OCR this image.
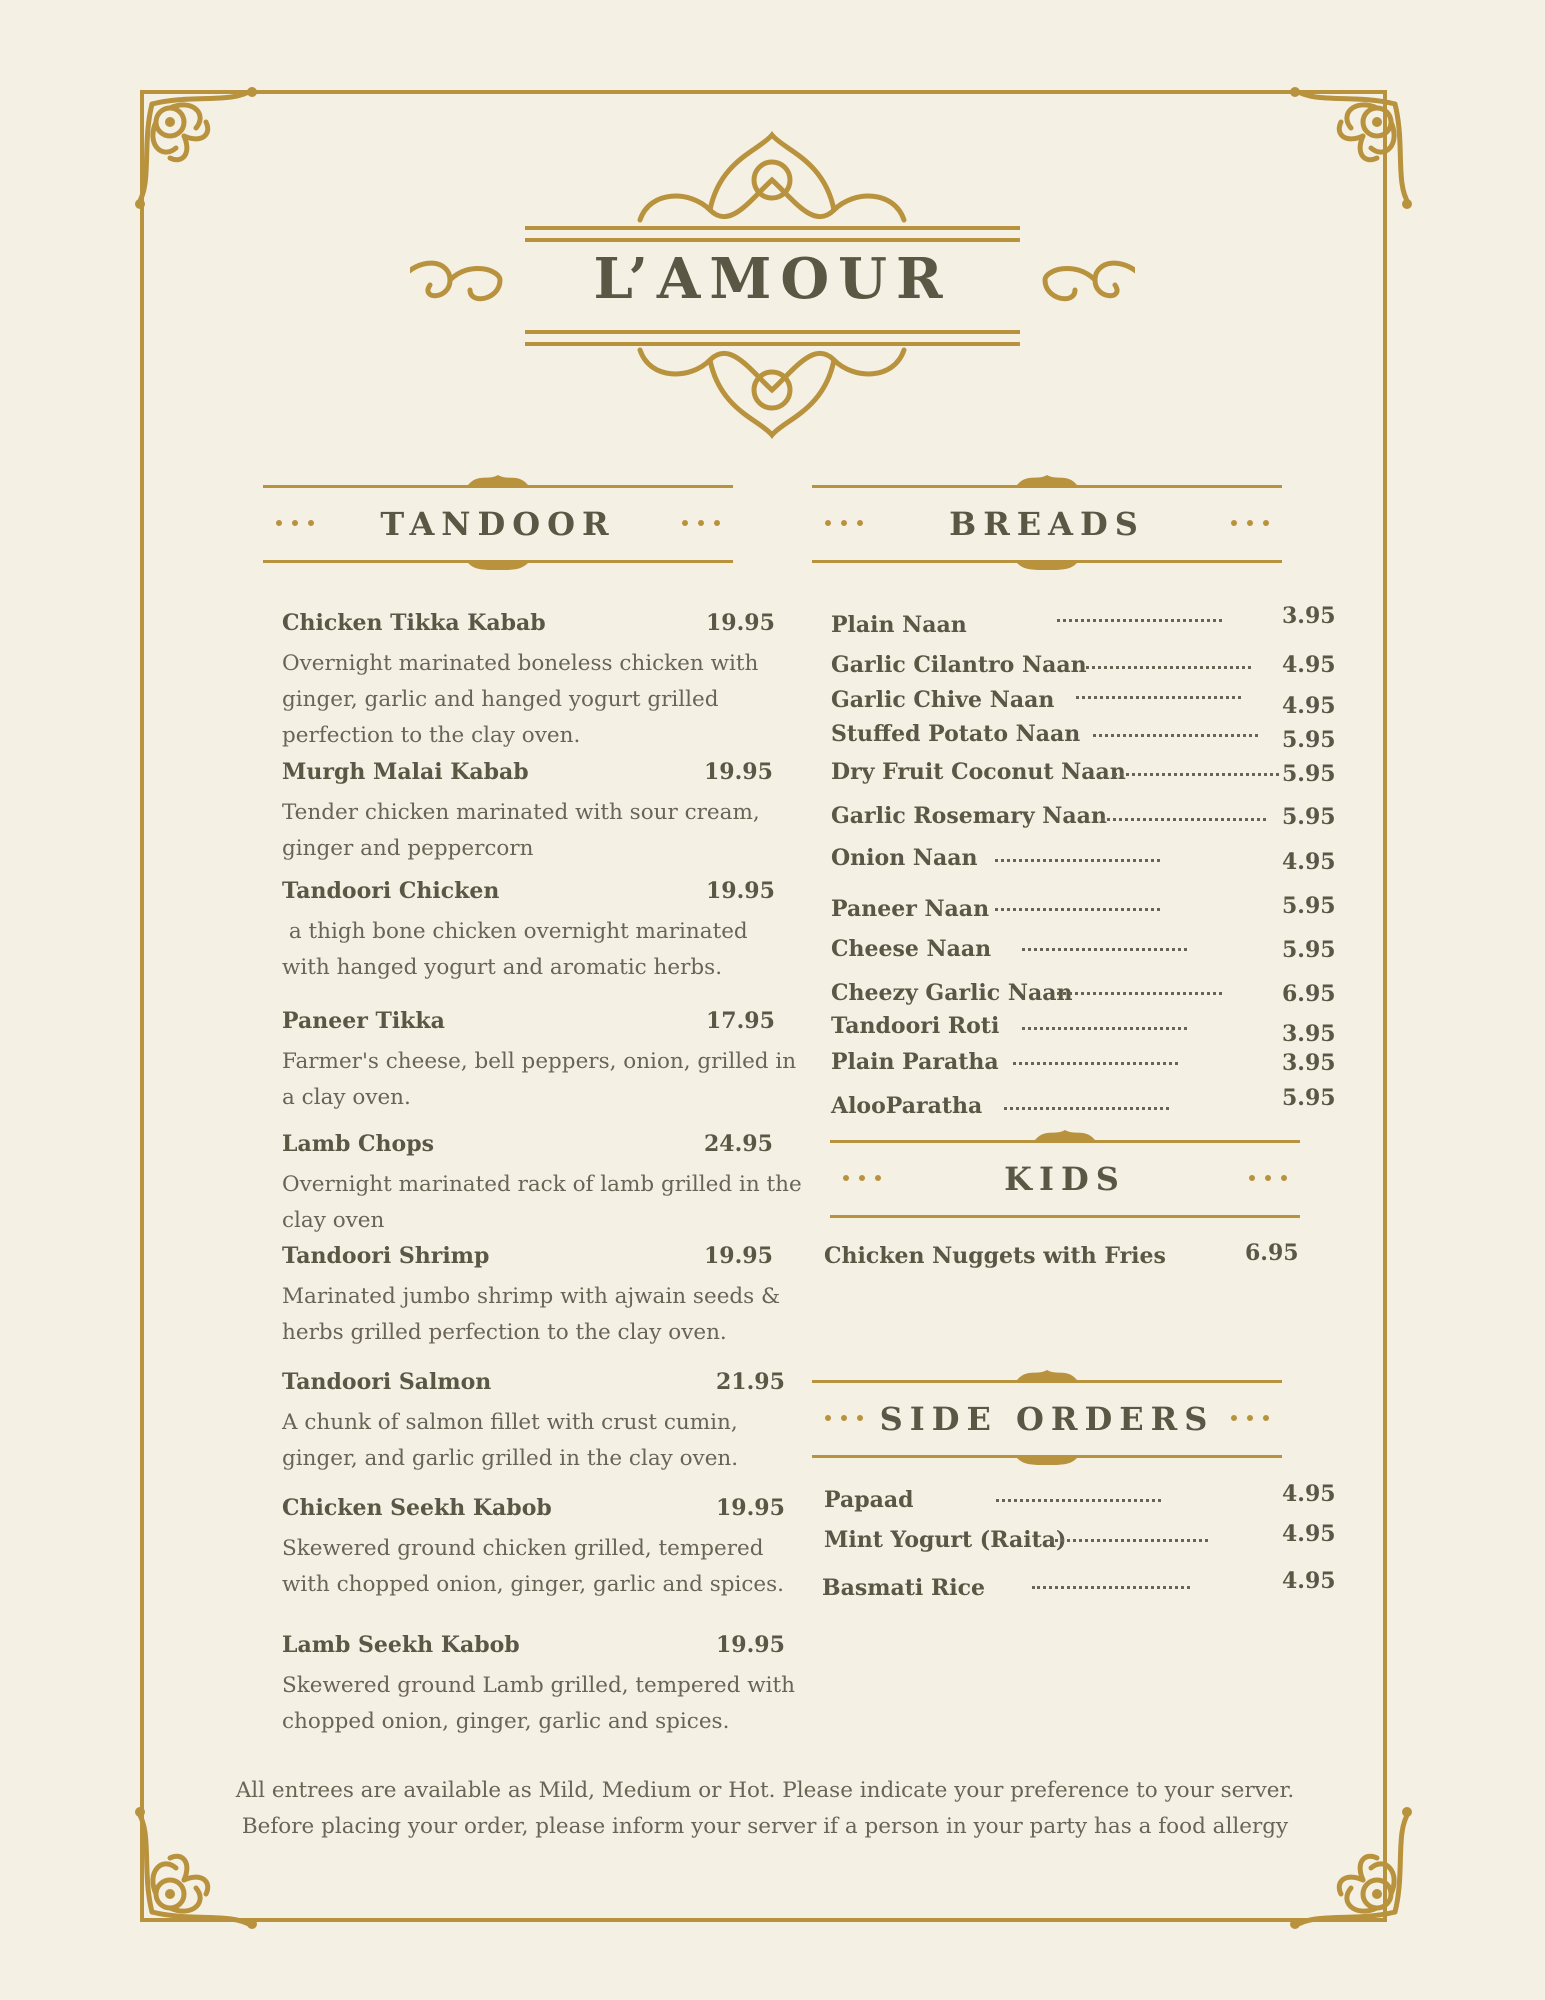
L’AMOUR
TANDOOR	BREADS
KIDS
SIDE ORDERS
Chicken Tikka Kabab	19.95
Overnight marinated boneless chicken with ginger, garlic and hanged yogurt grilled perfection to the clay oven.
Murgh Malai Kabab	19.95
Tender chicken marinated with sour cream, ginger and peppercorn
Tandoori Chicken	19.95
a thigh bone chicken overnight marinated with hanged yogurt and aromatic herbs.
Paneer Tikka	17.95
Farmer's cheese, bell peppers, onion, grilled in a clay oven.
Lamb Chops	24.95
Overnight marinated rack of lamb grilled in the clay oven
Tandoori Shrimp	19.95
Marinated jumbo shrimp with ajwain seeds & herbs grilled perfection to the clay oven.
Tandoori Salmon	21.95
A chunk of salmon fillet with crust cumin, ginger, and garlic grilled in the clay oven.
Chicken Seekh Kabob	19.95
Skewered ground chicken grilled, tempered with chopped onion, ginger, garlic and spices.
Lamb Seekh Kabob	19.95
Skewered ground Lamb grilled, tempered with chopped onion, ginger, garlic and spices.
Plain Naan	3.95
Garlic Cilantro Naan	4.95
Garlic Chive Naan	4.95
Stuffed Potato Naan	5.95
Dry Fruit Coconut Naan	5.95
Garlic Rosemary Naan	5.95
Onion Naan	4.95
Paneer Naan	5.95
Cheese Naan	5.95
Cheezy Garlic Naan	6.95
Tandoori Roti	3.95
Plain Paratha	3.95
AlooParatha	5.95
Chicken Nuggets with Fries	6.95
Papaad	4.95
Mint Yogurt (Raita)	4.95
Basmati Rice	4.95
All entrees are available as Mild, Medium or Hot. Please indicate your preference to your server.
Before placing your order, please inform your server if a person in your party has a food allergy
